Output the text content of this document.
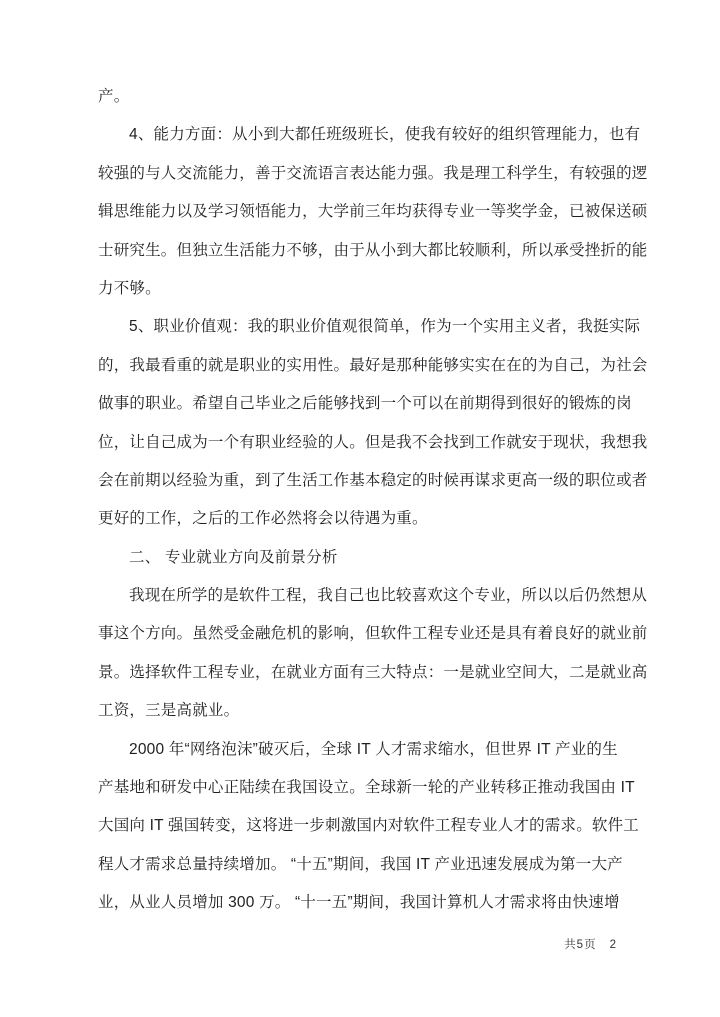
产。
4、能力方面：从小到大都任班级班长，使我有较好的组织管理能力，也有
较强的与人交流能力，善于交流语言表达能力强。我是理工科学生，有较强的逻
辑思维能力以及学习领悟能力，大学前三年均获得专业一等奖学金，已被保送硕
士研究生。但独立生活能力不够，由于从小到大都比较顺利，所以承受挫折的能
力不够。
5、职业价值观：我的职业价值观很简单，作为一个实用主义者，我挺实际
的，我最看重的就是职业的实用性。最好是那种能够实实在在的为自己，为社会
做事的职业。希望自己毕业之后能够找到一个可以在前期得到很好的锻炼的岗
位，让自己成为一个有职业经验的人。但是我不会找到工作就安于现状，我想我
会在前期以经验为重，到了生活工作基本稳定的时候再谋求更高一级的职位或者
更好的工作，之后的工作必然将会以待遇为重。
二、 专业就业方向及前景分析
我现在所学的是软件工程，我自己也比较喜欢这个专业，所以以后仍然想从
事这个方向。虽然受金融危机的影响，但软件工程专业还是具有着良好的就业前
景。选择软件工程专业，在就业方面有三大特点：一是就业空间大，二是就业高
工资，三是高就业。
2000 年“网络泡沫”破灭后，全球 IT 人才需求缩水，但世界 IT 产业的生
产基地和研发中心正陆续在我国设立。全球新一轮的产业转移正推动我国由 IT
大国向 IT 强国转变，这将进一步刺激国内对软件工程专业人才的需求。软件工
程人才需求总量持续增加。 “十五”期间，我国 IT 产业迅速发展成为第一大产
业，从业人员增加 300 万。 “十一五”期间，我国计算机人才需求将由快速增
共5页 2
